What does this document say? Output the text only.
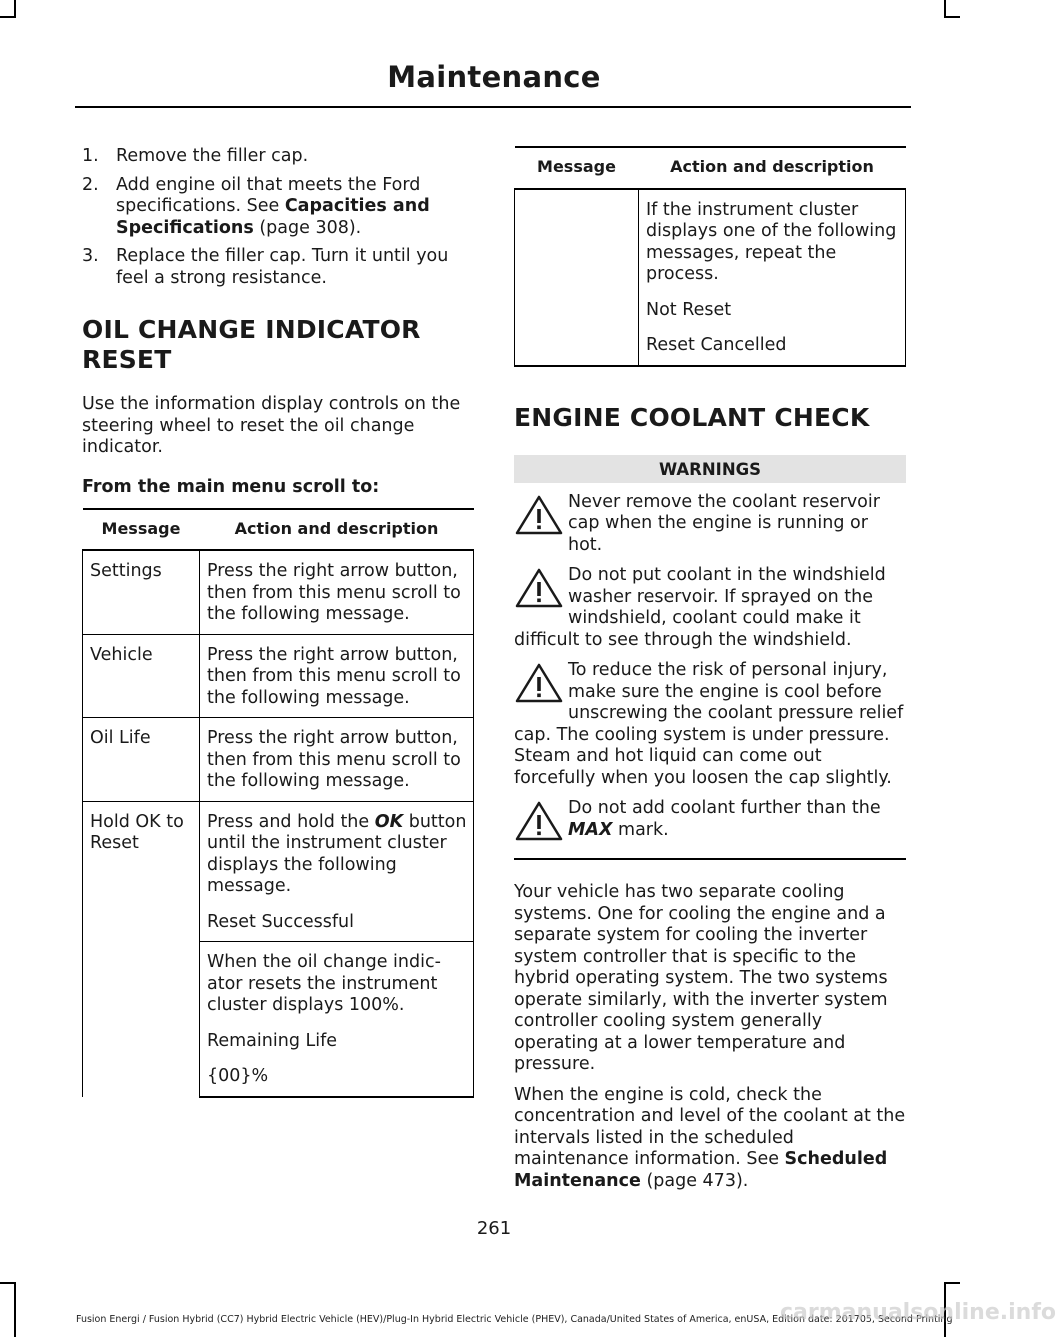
Maintenance
1. Remove the filler cap.
2. Add engine oil that meets the Ford specifications. See Capacities and Specifications (page 308).
3. Replace the filler cap. Turn it until you feel a strong resistance.
OIL CHANGE INDICATOR RESET

Use the information display controls on the steering wheel to reset the oil change indicator.

From the main menu scroll to:

Message	Action and description
Settings	Press the right arrow button, then from this menu scroll to the following message.
Vehicle	Press the right arrow button, then from this menu scroll to the following message.
Oil Life	Press the right arrow button, then from this menu scroll to the following message.
Hold OK to Reset	Press and hold the OK button until the instrument cluster displays the following message.

Reset Successful

	When the oil change indic-ator resets the instrument cluster displays 100%.

Remaining Life

{00}%

Message	Action and description

	If the instrument cluster displays one of the following messages, repeat the process.

Not Reset

Reset Cancelled

ENGINE COOLANT CHECK
WARNINGS
Never remove the coolant reservoir cap when the engine is running or hot.
Do not put coolant in the windshield washer reservoir. If sprayed on the windshield, coolant could make it difficult to see through the windshield.
To reduce the risk of personal injury, make sure the engine is cool before unscrewing the coolant pressure relief cap. The cooling system is under pressure. Steam and hot liquid can come out forcefully when you loosen the cap slightly.
Do not add coolant further than the MAX mark.

Your vehicle has two separate cooling systems. One for cooling the engine and a separate system for cooling the inverter system controller that is specific to the hybrid operating system. The two systems operate similarly, with the inverter system controller cooling system generally operating at a lower temperature and pressure.

When the engine is cold, check the concentration and level of the coolant at the intervals listed in the scheduled maintenance information. See Scheduled Maintenance (page 473).

261
Fusion Energi / Fusion Hybrid (CC7) Hybrid Electric Vehicle (HEV)/Plug-In Hybrid Electric Vehicle (PHEV), Canada/United States of America, enUSA, Edition date: 201705, Second Printing
carmanualsonline.info
